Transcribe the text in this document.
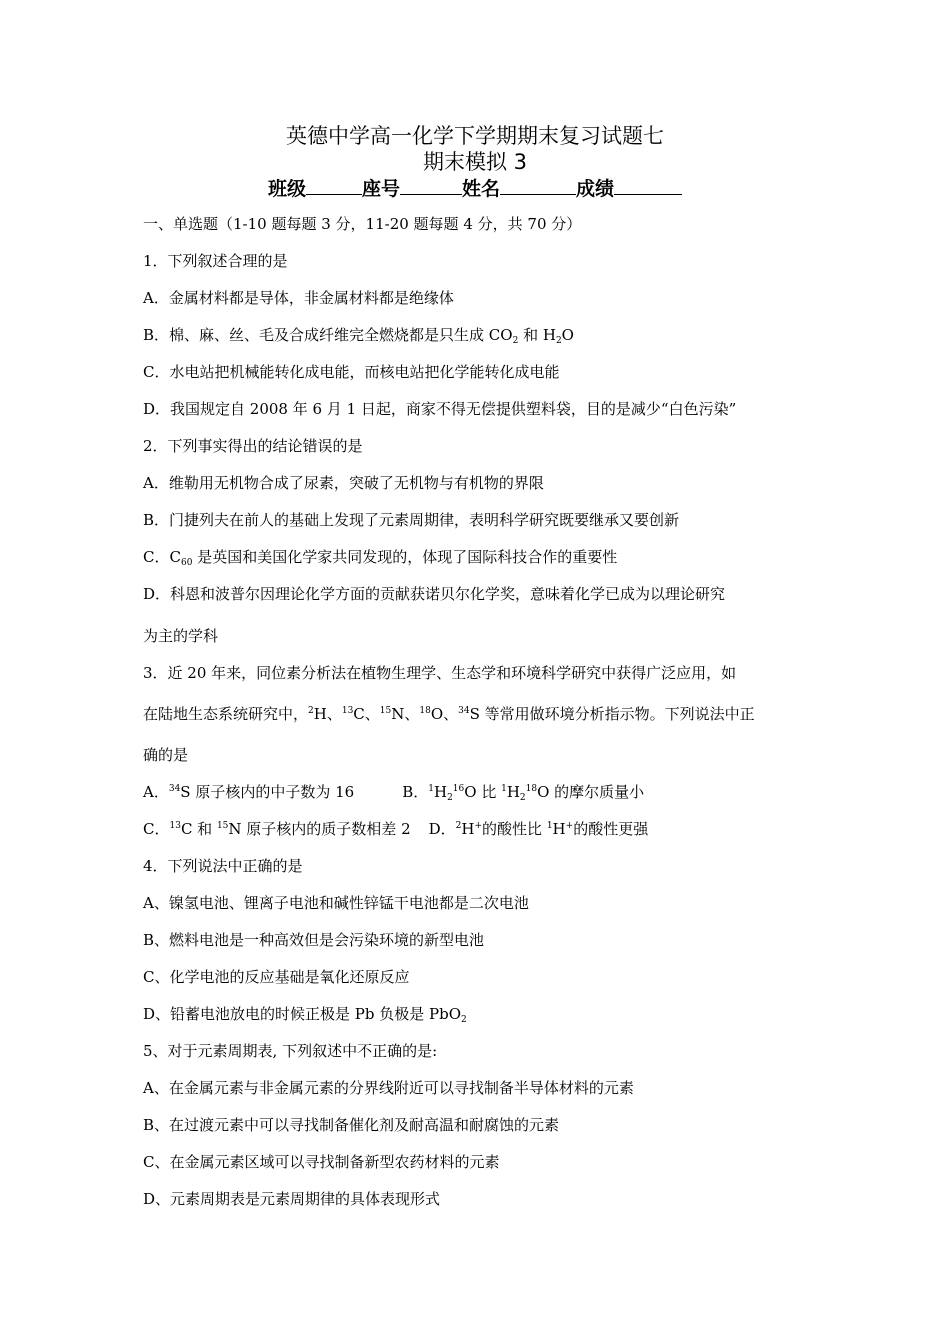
英德中学高一化学下学期期末复习试题七
期末模拟 3
班级	座号	姓名	成绩
一、单选题（1-10 题每题 3 分，11-20 题每题 4 分，共 70 分）
1．下列叙述合理的是
A．金属材料都是导体，非金属材料都是绝缘体
B．棉、麻、丝、毛及合成纤维完全燃烧都是只生成 $CO_2$ 和 $H_2O$
C．水电站把机械能转化成电能，而核电站把化学能转化成电能
D．我国规定自 2008 年 6 月 1 日起，商家不得无偿提供塑料袋，目的是减少“白色污染”
2．下列事实得出的结论错误的是
A．维勒用无机物合成了尿素，突破了无机物与有机物的界限
B．门捷列夫在前人的基础上发现了元素周期律，表明科学研究既要继承又要创新
C．$C_{60}$ 是英国和美国化学家共同发现的，体现了国际科技合作的重要性
D．科恩和波普尔因理论化学方面的贡献获诺贝尔化学奖，意味着化学已成为以理论研究
为主的学科
3．近 20 年来，同位素分析法在植物生理学、生态学和环境科学研究中获得广泛应用，如
在陆地生态系统研究中，$^2$H、$^{13}$C、$^{15}$N、$^{18}$O、$^{34}$S 等常用做环境分析指示物。下列说法中正
确的是
A．$^{34}$S 原子核内的中子数为 16	B．$^1H_2^{16}O$ 比 $^1H_2^{18}O$ 的摩尔质量小
C．$^{13}$C 和 $^{15}$N 原子核内的质子数相差 2 D．$^2$H+的酸性比 $^1$H+的酸性更强
4．下列说法中正确的是
A、镍氢电池、锂离子电池和碱性锌锰干电池都是二次电池
B、燃料电池是一种高效但是会污染环境的新型电池
C、化学电池的反应基础是氧化还原反应
D、铅蓄电池放电的时候正极是 Pb 负极是 PbO$_2$
5、对于元素周期表, 下列叙述中不正确的是:
A、在金属元素与非金属元素的分界线附近可以寻找制备半导体材料的元素
B、在过渡元素中可以寻找制备催化剂及耐高温和耐腐蚀的元素
C、在金属元素区域可以寻找制备新型农药材料的元素
D、元素周期表是元素周期律的具体表现形式
